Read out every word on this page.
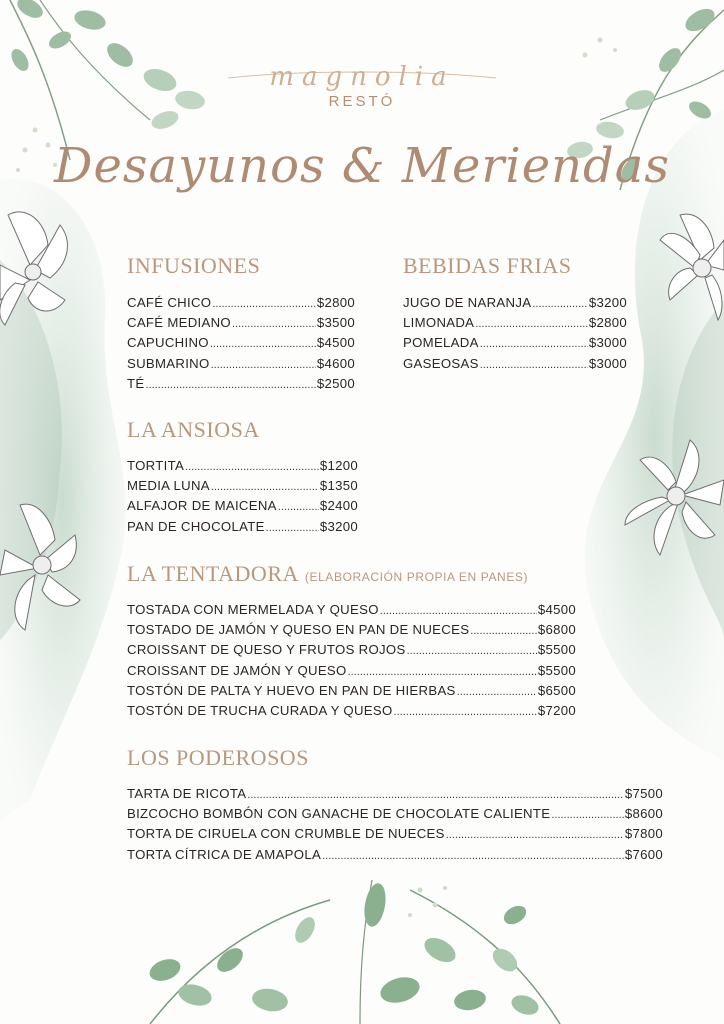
magnolia
RESTÓ
Desayunos & Meriendas
INFUSIONES
CAFÉ CHICO .....	$2800
CAFÉ MEDIANO .....	$3500
CAPUCHINO .....	$4500
SUBMARINO .....	$4600
TÉ .....	$2500
BEBIDAS FRIAS
JUGO DE NARANJA .....	$3200
LIMONADA .....	$2800
POMELADA .....	$3000
GASEOSAS .....	$3000
LA ANSIOSA
TORTITA .....	$1200
MEDIA LUNA .....	$1350
ALFAJOR DE MAICENA .....	$2400
PAN DE CHOCOLATE .....	$3200
LA TENTADORA (ELABORACIÓN PROPIA EN PANES)
TOSTADA CON MERMELADA Y QUESO .....	$4500
TOSTADO DE JAMÓN Y QUESO EN PAN DE NUECES .....	$6800
CROISSANT DE QUESO Y FRUTOS ROJOS .....	$5500
CROISSANT DE JAMÓN Y QUESO .....	$5500
TOSTÓN DE PALTA Y HUEVO EN PAN DE HIERBAS .....	$6500
TOSTÓN DE TRUCHA CURADA Y QUESO .....	$7200
LOS PODEROSOS
TARTA DE RICOTA .....	$7500
BIZCOCHO BOMBÓN CON GANACHE DE CHOCOLATE CALIENTE .....	$8600
TORTA DE CIRUELA CON CRUMBLE DE NUECES .....	$7800
TORTA CÍTRICA DE AMAPOLA .....	$7600
